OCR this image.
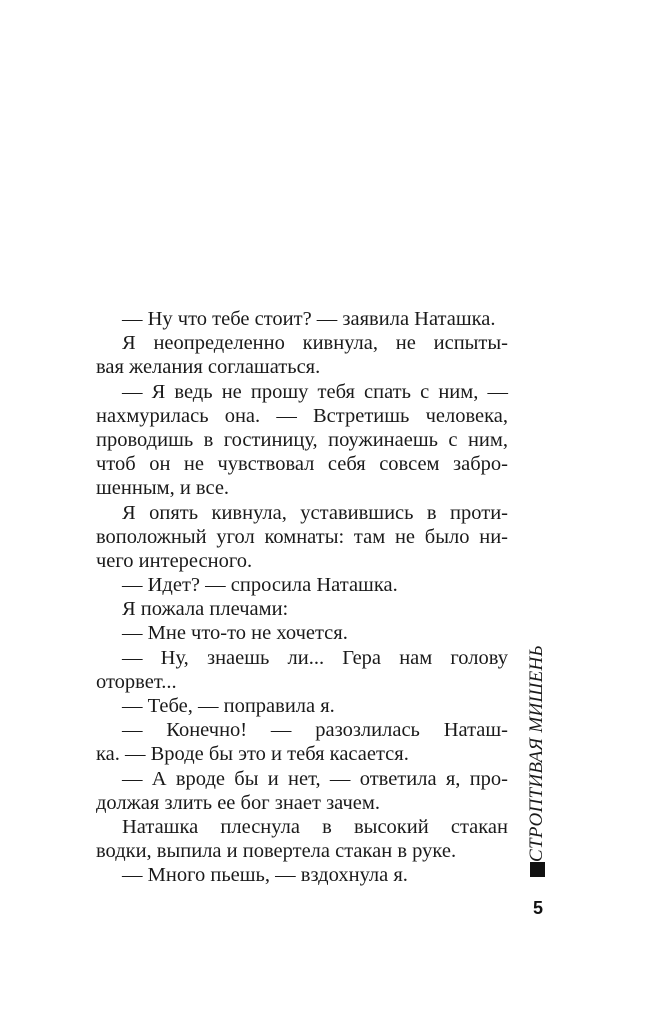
— Ну что тебе стоит? — заявила Наташка.
Я неопределенно кивнула, не испыты-
вая желания соглашаться.
— Я ведь не прошу тебя спать с ним, —
нахмурилась она. — Встретишь человека,
проводишь в гостиницу, поужинаешь с ним,
чтоб он не чувствовал себя совсем забро-
шенным, и все.
Я опять кивнула, уставившись в проти-
воположный угол комнаты: там не было ни-
чего интересного.
— Идет? — спросила Наташка.
Я пожала плечами:
— Мне что-то не хочется.
— Ну, знаешь ли... Гера нам голову
оторвет...
— Тебе, — поправила я.
— Конечно! — разозлилась Наташ-
ка. — Вроде бы это и тебя касается.
— А вроде бы и нет, — ответила я, про-
должая злить ее бог знает зачем.
Наташка плеснула в высокий стакан
водки, выпила и повертела стакан в руке.
— Много пьешь, — вздохнула я.
СТРОПТИВАЯ МИШЕНЬ
5
